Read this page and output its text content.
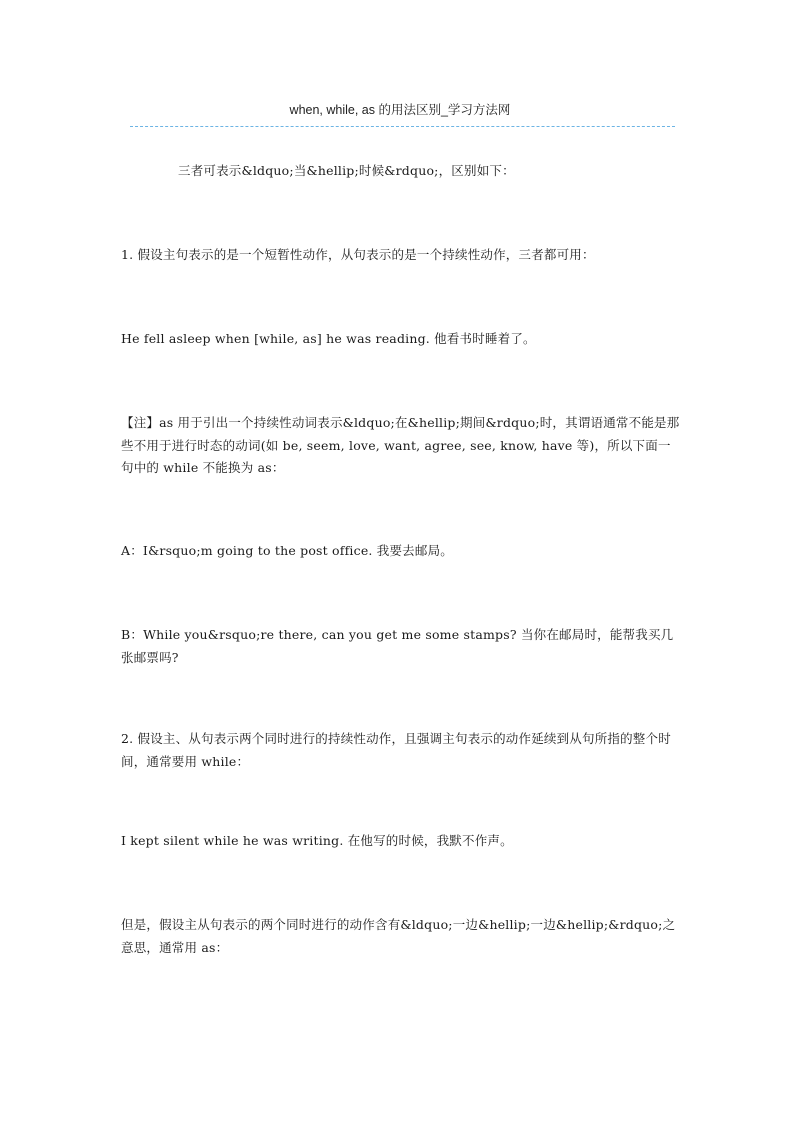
when, while, as 的用法区别_学习方法网
三者可表示&ldquo;当&hellip;时候&rdquo;，区别如下：
1. 假设主句表示的是一个短暂性动作，从句表示的是一个持续性动作，三者都可用：
He fell asleep when [while, as] he was reading. 他看书时睡着了。
【注】as 用于引出一个持续性动词表示&ldquo;在&hellip;期间&rdquo;时，其谓语通常不能是那些不用于进行时态的动词(如 be, seem, love, want, agree, see, know, have 等)，所以下面一句中的 while 不能换为 as：
A：I&rsquo;m going to the post office. 我要去邮局。
B：While you&rsquo;re there, can you get me some stamps? 当你在邮局时，能帮我买几张邮票吗?
2. 假设主、从句表示两个同时进行的持续性动作，且强调主句表示的动作延续到从句所指的整个时间，通常要用 while：
I kept silent while he was writing. 在他写的时候，我默不作声。
但是，假设主从句表示的两个同时进行的动作含有&ldquo;一边&hellip;一边&hellip;&rdquo;之意思，通常用 as：
